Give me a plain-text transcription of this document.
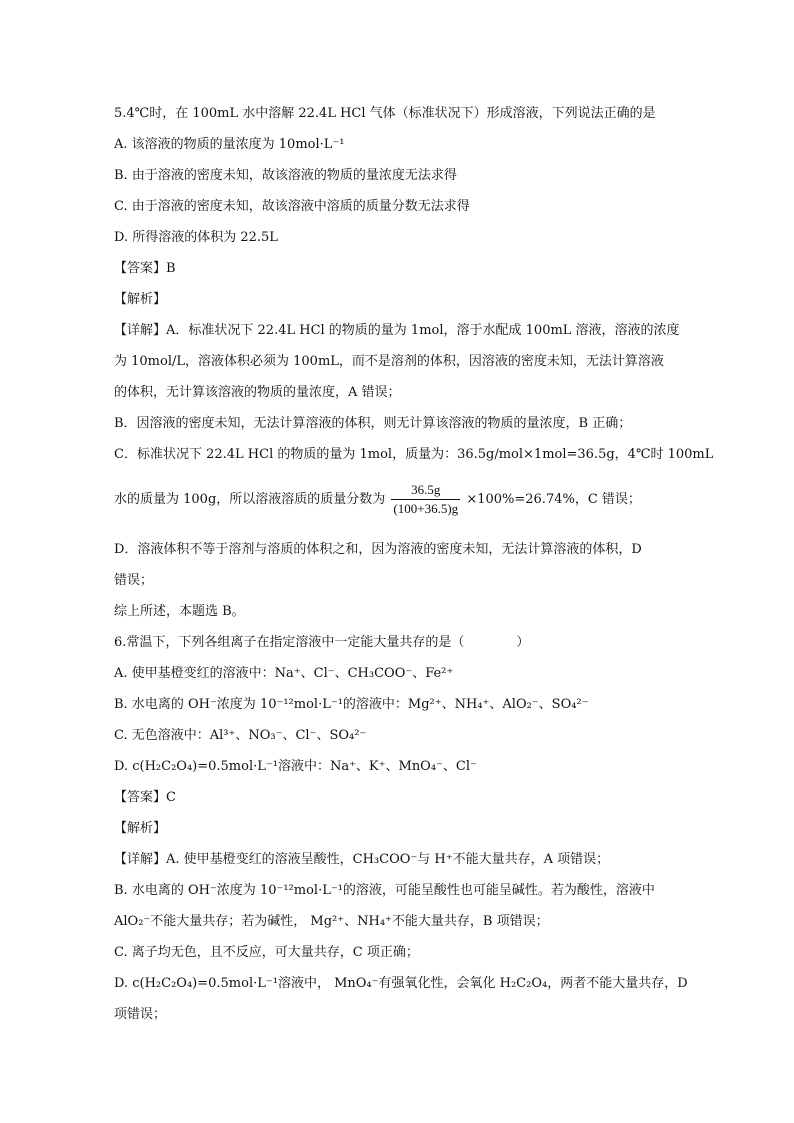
5.4℃时，在 100mL 水中溶解 22.4L HCl 气体（标准状况下）形成溶液，下列说法正确的是
A. 该溶液的物质的量浓度为 10mol·L⁻¹
B. 由于溶液的密度未知，故该溶液的物质的量浓度无法求得
C. 由于溶液的密度未知，故该溶液中溶质的质量分数无法求得
D. 所得溶液的体积为 22.5L
【答案】B
【解析】
【详解】A．标准状况下 22.4L HCl 的物质的量为 1mol，溶于水配成 100mL 溶液，溶液的浓度
为 10mol/L，溶液体积必须为 100mL，而不是溶剂的体积，因溶液的密度未知，无法计算溶液
的体积，无计算该溶液的物质的量浓度，A 错误；
B．因溶液的密度未知，无法计算溶液的体积，则无计算该溶液的物质的量浓度，B 正确；
C．标准状况下 22.4L HCl 的物质的量为 1mol，质量为：36.5g/mol×1mol=36.5g，4℃时 100mL
水的质量为 100g，所以溶液溶质的质量分数为 $\frac{36.5g}{(100+36.5)g} \times 100\%=26.74\%$，C 错误；
D．溶液体积不等于溶剂与溶质的体积之和，因为溶液的密度未知，无法计算溶液的体积，D
错误；
综上所述，本题选 B。
6.常温下，下列各组离子在指定溶液中一定能大量共存的是（　　　　）
A. 使甲基橙变红的溶液中：Na⁺、Cl⁻、CH₃COO⁻、Fe²⁺
B. 水电离的 OH⁻浓度为 10⁻¹²mol·L⁻¹的溶液中：Mg²⁺、NH₄⁺、AlO₂⁻、SO₄²⁻
C. 无色溶液中：Al³⁺、NO₃⁻、Cl⁻、SO₄²⁻
D. c(H₂C₂O₄)=0.5mol·L⁻¹溶液中：Na⁺、K⁺、MnO₄⁻、Cl⁻
【答案】C
【解析】
【详解】A. 使甲基橙变红的溶液呈酸性，CH₃COO⁻与 H⁺不能大量共存，A 项错误；
B. 水电离的 OH⁻浓度为 10⁻¹²mol·L⁻¹的溶液，可能呈酸性也可能呈碱性。若为酸性，溶液中
AlO₂⁻不能大量共存；若为碱性， Mg²⁺、NH₄⁺不能大量共存，B 项错误；
C. 离子均无色，且不反应，可大量共存，C 项正确；
D. c(H₂C₂O₄)=0.5mol·L⁻¹溶液中， MnO₄⁻有强氧化性，会氧化 H₂C₂O₄，两者不能大量共存，D
项错误；
